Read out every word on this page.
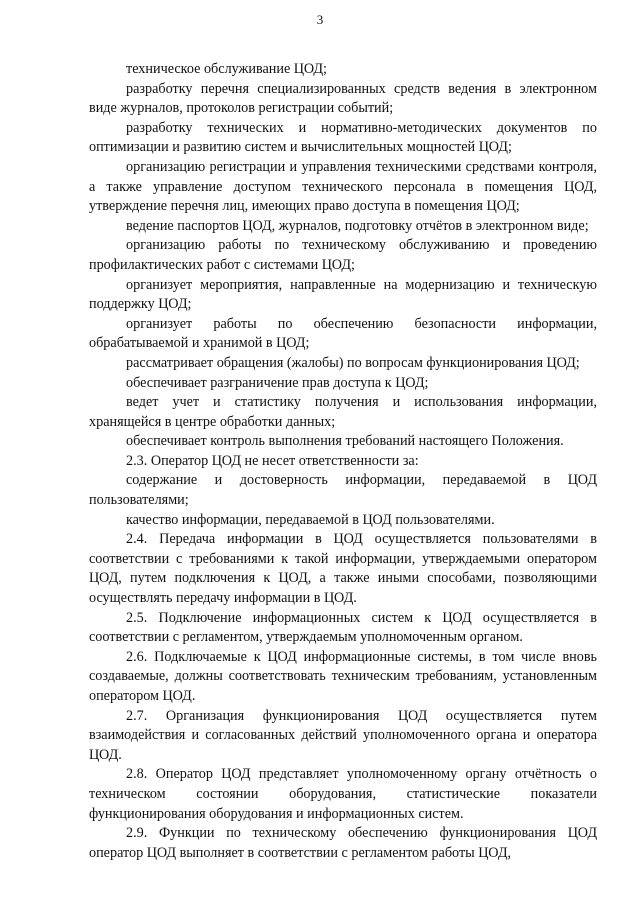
3

техническое обслуживание ЦОД;

разработку перечня специализированных средств ведения в электронном виде журналов, протоколов регистрации событий;

разработку технических и нормативно-методических документов по оптимизации и развитию систем и вычислительных мощностей ЦОД;

организацию регистрации и управления техническими средствами контроля, а также управление доступом технического персонала в помещения ЦОД, утверждение перечня лиц, имеющих право доступа в помещения ЦОД;

ведение паспортов ЦОД, журналов, подготовку отчётов в электронном виде;

организацию работы по техническому обслуживанию и проведению профилактических работ с системами ЦОД;

организует мероприятия, направленные на модернизацию и техническую поддержку ЦОД;

организует работы по обеспечению безопасности информации, обрабатываемой и хранимой в ЦОД;

рассматривает обращения (жалобы) по вопросам функционирования ЦОД;

обеспечивает разграничение прав доступа к ЦОД;

ведет учет и статистику получения и использования информации, хранящейся в центре обработки данных;

обеспечивает контроль выполнения требований настоящего Положения.

2.3. Оператор ЦОД не несет ответственности за:

содержание и достоверность информации, передаваемой в ЦОД пользователями;

качество информации, передаваемой в ЦОД пользователями.

2.4. Передача информации в ЦОД осуществляется пользователями в соответствии с требованиями к такой информации, утверждаемыми оператором ЦОД, путем подключения к ЦОД, а также иными способами, позволяющими осуществлять передачу информации в ЦОД.

2.5. Подключение информационных систем к ЦОД осуществляется в соответствии с регламентом, утверждаемым уполномоченным органом.

2.6. Подключаемые к ЦОД информационные системы, в том числе вновь создаваемые, должны соответствовать техническим требованиям, установленным оператором ЦОД.

2.7. Организация функционирования ЦОД осуществляется путем взаимодействия и согласованных действий уполномоченного органа и оператора ЦОД.

2.8. Оператор ЦОД представляет уполномоченному органу отчётность о техническом состоянии оборудования, статистические показатели функционирования оборудования и информационных систем.

2.9. Функции по техническому обеспечению функционирования ЦОД оператор ЦОД выполняет в соответствии с регламентом работы ЦОД,
